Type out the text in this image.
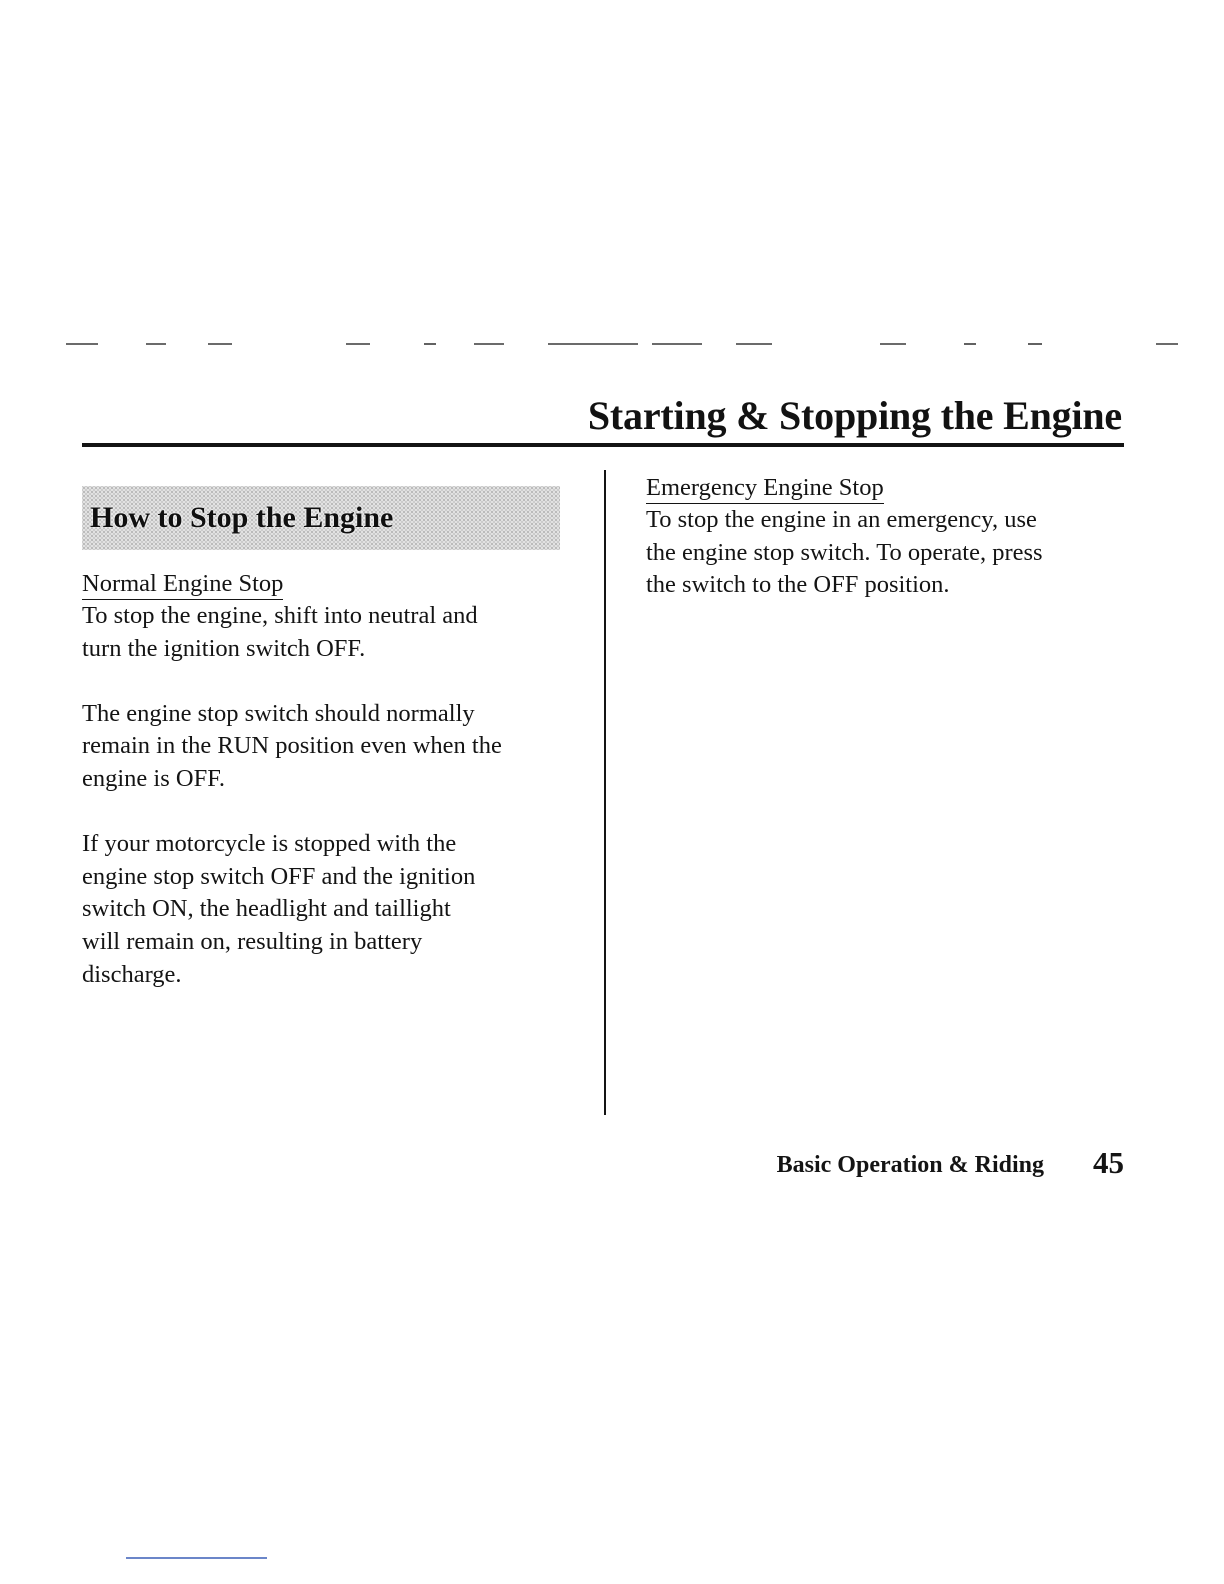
Starting & Stopping the Engine
How to Stop the Engine
Normal Engine Stop

To stop the engine, shift into neutral and
turn the ignition switch OFF.

The engine stop switch should normally
remain in the RUN position even when the
engine is OFF.

If your motorcycle is stopped with the
engine stop switch OFF and the ignition
switch ON, the headlight and taillight
will remain on, resulting in battery
discharge.

Emergency Engine Stop

To stop the engine in an emergency, use
the engine stop switch. To operate, press
the switch to the OFF position.

Basic Operation & Riding 45
